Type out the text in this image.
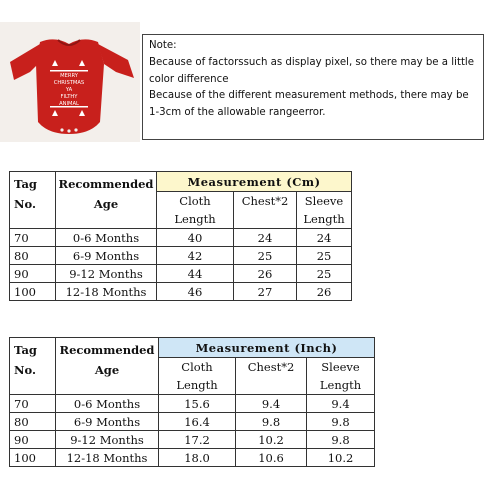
MERRY
CHRISTMAS
YA
FILTHY
ANIMAL
Note:
Because of factorssuch as display pixel, so there may be a little color difference
Because of the different measurement methods, there may be 1-3cm of the allowable rangeerror.
Tag No.	Recommended Age	Measurement (Cm)		
		Cloth Length	Chest*2	Sleeve Length
70	0-6 Months	40	24	24
80	6-9 Months	42	25	25
90	9-12 Months	44	26	25
100	12-18 Months	46	27	26
Tag No.	Recommended Age	Measurement (Inch)		
		Cloth Length	Chest*2	Sleeve Length
70	0-6 Months	15.6	9.4	9.4
80	6-9 Months	16.4	9.8	9.8
90	9-12 Months	17.2	10.2	9.8
100	12-18 Months	18.0	10.6	10.2
